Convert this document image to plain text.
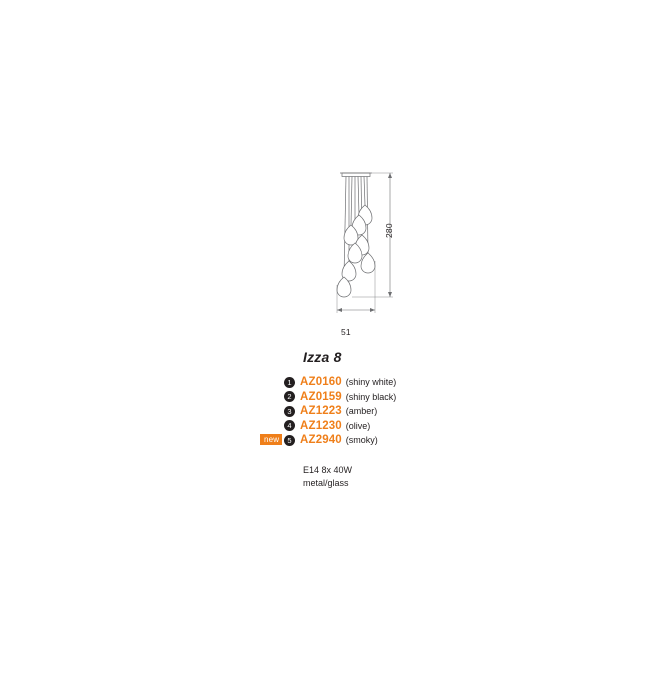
280
51
Izza 8
1 AZ0160 (shiny white)
2 AZ0159 (shiny black)
3 AZ1223 (amber)
4 AZ1230 (olive)
new	5 AZ2940 (smoky)
E14 8x 40W
metal/glass
